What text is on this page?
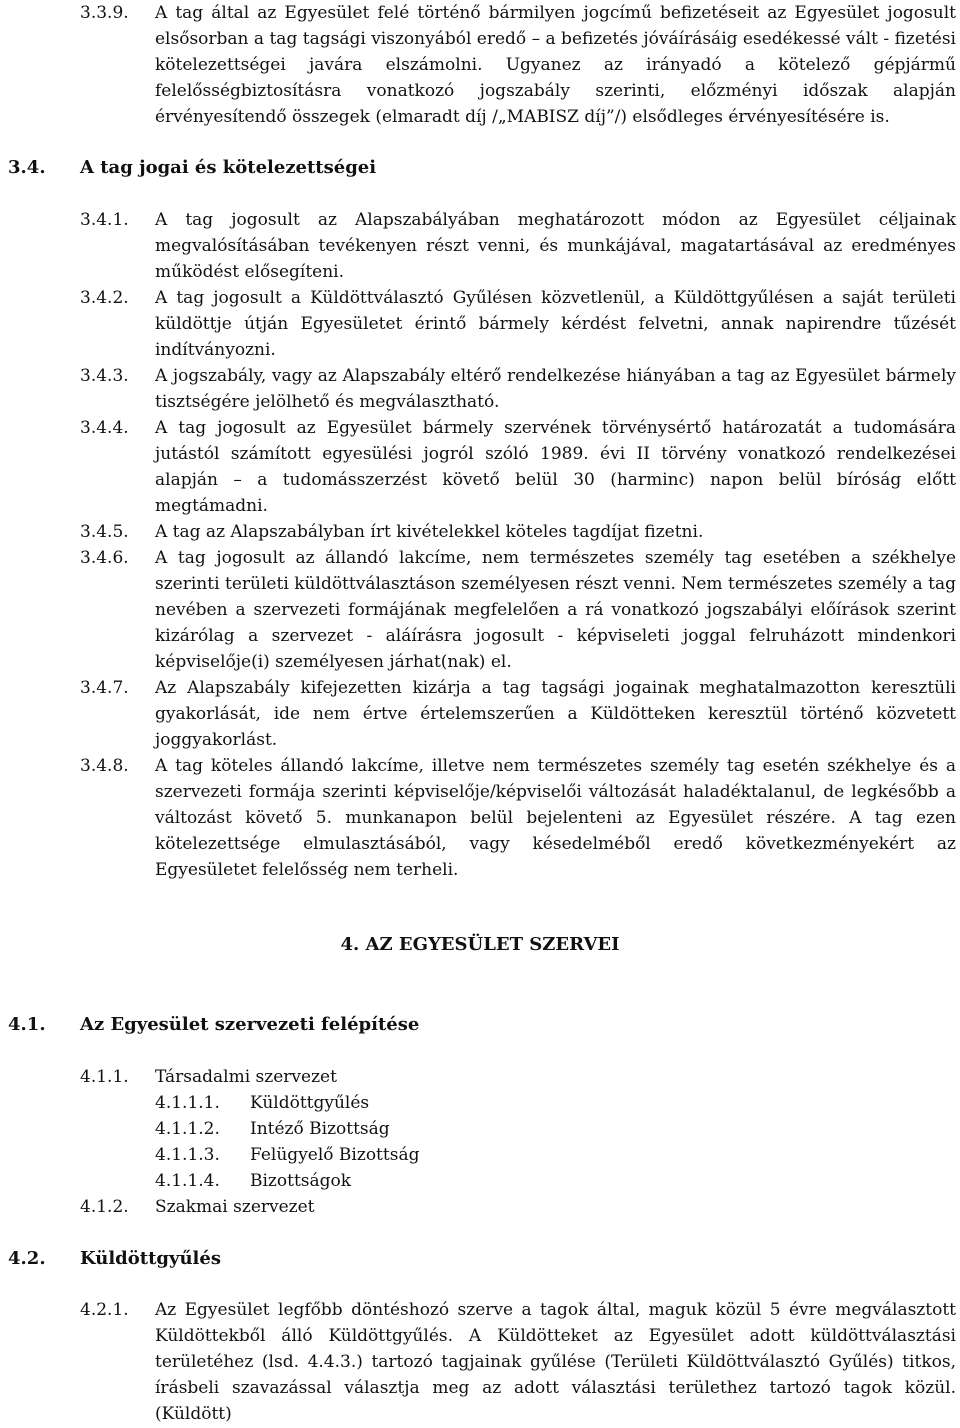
3.3.9. A tag által az Egyesület felé történő bármilyen jogcímű befizetéseit az Egyesület jogosult elsősorban a tag tagsági viszonyából eredő – a befizetés jóváírásáig esedékessé vált - fizetési kötelezettségei javára elszámolni. Ugyanez az irányadó a kötelező gépjármű felelősségbiztosításra vonatkozó jogszabály szerinti, előzményi időszak alapján érvényesítendő összegek (elmaradt díj /„MABISZ díj”/) elsődleges érvényesítésére is.
3.4. A tag jogai és kötelezettségei
3.4.1. A tag jogosult az Alapszabályában meghatározott módon az Egyesület céljainak megvalósításában tevékenyen részt venni, és munkájával, magatartásával az eredményes működést elősegíteni.
3.4.2. A tag jogosult a Küldöttválasztó Gyűlésen közvetlenül, a Küldöttgyűlésen a saját területi küldöttje útján Egyesületet érintő bármely kérdést felvetni, annak napirendre tűzését indítványozni.
3.4.3. A jogszabály, vagy az Alapszabály eltérő rendelkezése hiányában a tag az Egyesület bármely tisztségére jelölhető és megválasztható.
3.4.4. A tag jogosult az Egyesület bármely szervének törvénysértő határozatát a tudomására jutástól számított egyesülési jogról szóló 1989. évi II törvény vonatkozó rendelkezései alapján – a tudomásszerzést követő belül 30 (harminc) napon belül bíróság előtt megtámadni.
3.4.5. A tag az Alapszabályban írt kivételekkel köteles tagdíjat fizetni.
3.4.6. A tag jogosult az állandó lakcíme, nem természetes személy tag esetében a székhelye szerinti területi küldöttválasztáson személyesen részt venni. Nem természetes személy a tag nevében a szervezeti formájának megfelelően a rá vonatkozó jogszabályi előírások szerint kizárólag a szervezet - aláírásra jogosult - képviseleti joggal felruházott mindenkori képviselője(i) személyesen járhat(nak) el.
3.4.7. Az Alapszabály kifejezetten kizárja a tag tagsági jogainak meghatalmazotton keresztüli gyakorlását, ide nem értve értelemszerűen a Küldötteken keresztül történő közvetett joggyakorlást.
3.4.8. A tag köteles állandó lakcíme, illetve nem természetes személy tag esetén székhelye és a szervezeti formája szerinti képviselője/képviselői változását haladéktalanul, de legkésőbb a változást követő 5. munkanapon belül bejelenteni az Egyesület részére. A tag ezen kötelezettsége elmulasztásából, vagy késedelméből eredő következményekért az Egyesületet felelősség nem terheli.
4. AZ EGYESÜLET SZERVEI
4.1. Az Egyesület szervezeti felépítése
4.1.1. Társadalmi szervezet
4.1.1.1. Küldöttgyűlés
4.1.1.2. Intéző Bizottság
4.1.1.3. Felügyelő Bizottság
4.1.1.4. Bizottságok
4.1.2. Szakmai szervezet
4.2. Küldöttgyűlés
4.2.1. Az Egyesület legfőbb döntéshozó szerve a tagok által, maguk közül 5 évre megválasztott Küldöttekből álló Küldöttgyűlés. A Küldötteket az Egyesület adott küldöttválasztási területéhez (lsd. 4.4.3.) tartozó tagjainak gyűlése (Területi Küldöttválasztó Gyűlés) titkos, írásbeli szavazással választja meg az adott választási területhez tartozó tagok közül. (Küldött)
